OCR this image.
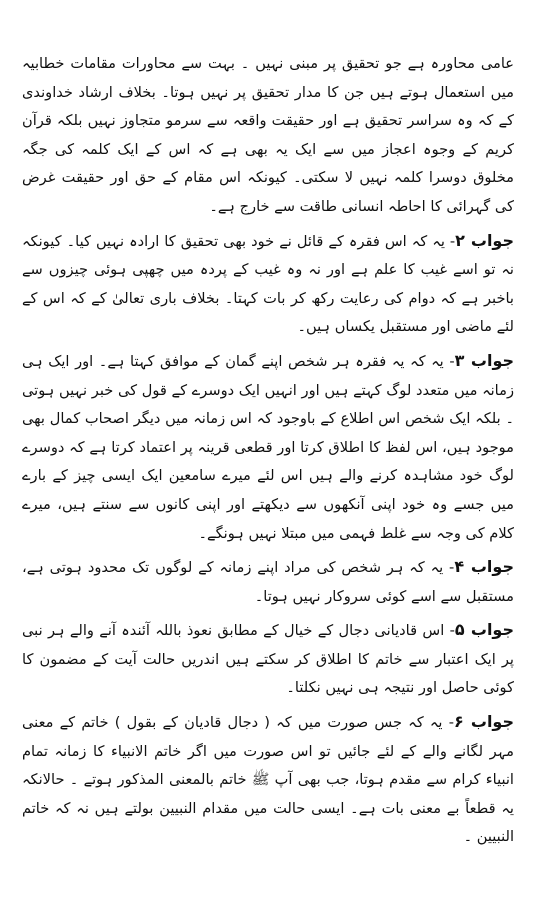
عامی محاورہ ہے جو تحقیق پر مبنی نہیں ۔ بہت سے محاورات مقامات خطابیہ میں استعمال ہوتے ہیں جن کا مدار تحقیق پر نہیں ہوتا۔ بخلاف ارشاد خداوندی کے کہ وہ سراسر تحقیق ہے اور حقیقت واقعہ سے سرمو متجاوز نہیں بلکہ قرآن کریم کے وجوہ اعجاز میں سے ایک یہ بھی ہے کہ اس کے ایک کلمہ کی جگہ مخلوق دوسرا کلمہ نہیں لا سکتی۔ کیونکہ اس مقام کے حق اور حقیقت غرض کی گہرائی کا احاطہ انسانی طاقت سے خارج ہے۔

جواب ۲- یہ کہ اس فقرہ کے قائل نے خود بھی تحقیق کا ارادہ نہیں کیا۔ کیونکہ نہ تو اسے غیب کا علم ہے اور نہ وہ غیب کے پردہ میں چھپی ہوئی چیزوں سے باخبر ہے کہ دوام کی رعایت رکھ کر بات کہتا۔ بخلاف باری تعالیٰ کے کہ اس کے لئے ماضی اور مستقبل یکساں ہیں۔

جواب ۳- یہ کہ یہ فقرہ ہر شخص اپنے گمان کے موافق کہتا ہے۔ اور ایک ہی زمانہ میں متعدد لوگ کہتے ہیں اور انہیں ایک دوسرے کے قول کی خبر نہیں ہوتی ۔ بلکہ ایک شخص اس اطلاع کے باوجود کہ اس زمانہ میں دیگر اصحاب کمال بھی موجود ہیں، اس لفظ کا اطلاق کرتا اور قطعی قرینہ پر اعتماد کرتا ہے کہ دوسرے لوگ خود مشاہدہ کرنے والے ہیں اس لئے میرے سامعین ایک ایسی چیز کے بارے میں جسے وہ خود اپنی آنکھوں سے دیکھتے اور اپنی کانوں سے سنتے ہیں، میرے کلام کی وجہ سے غلط فہمی میں مبتلا نہیں ہونگے۔

جواب ۴- یہ کہ ہر شخص کی مراد اپنے زمانہ کے لوگوں تک محدود ہوتی ہے، مستقبل سے اسے کوئی سروکار نہیں ہوتا۔

جواب ۵- اس قادیانی دجال کے خیال کے مطابق نعوذ باللہ آئندہ آنے والے ہر نبی پر ایک اعتبار سے خاتم کا اطلاق کر سکتے ہیں اندریں حالت آیت کے مضمون کا کوئی حاصل اور نتیجہ ہی نہیں نکلتا۔

جواب ۶- یہ کہ جس صورت میں کہ ( دجال قادیان کے بقول ) خاتم کے معنی مہر لگانے والے کے لئے جائیں تو اس صورت میں اگر خاتم الانبیاء کا زمانہ تمام انبیاء کرام سے مقدم ہوتا، جب بھی آپ ﷺ خاتم بالمعنی المذکور ہوتے ۔ حالانکہ یہ قطعاً بے معنی بات ہے۔ ایسی حالت میں مقدام النبیین بولتے ہیں نہ کہ خاتم النبیین ۔
